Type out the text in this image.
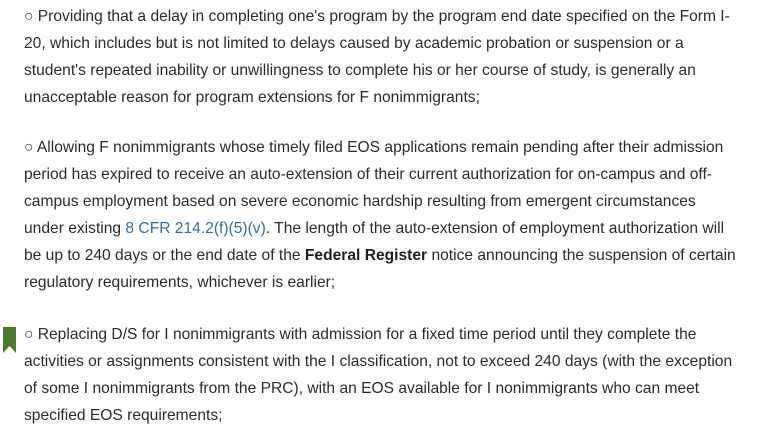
○ Providing that a delay in completing one's program by the program end date specified on the Form I-
20, which includes but is not limited to delays caused by academic probation or suspension or a
student's repeated inability or unwillingness to complete his or her course of study, is generally an
unacceptable reason for program extensions for F nonimmigrants;

○ Allowing F nonimmigrants whose timely filed EOS applications remain pending after their admission
period has expired to receive an auto-extension of their current authorization for on-campus and off-
campus employment based on severe economic hardship resulting from emergent circumstances
under existing 8 CFR 214.2(f)(5)(v). The length of the auto-extension of employment authorization will
be up to 240 days or the end date of the Federal Register notice announcing the suspension of certain
regulatory requirements, whichever is earlier;

○ Replacing D/S for I nonimmigrants with admission for a fixed time period until they complete the
activities or assignments consistent with the I classification, not to exceed 240 days (with the exception
of some I nonimmigrants from the PRC), with an EOS available for I nonimmigrants who can meet
specified EOS requirements;
